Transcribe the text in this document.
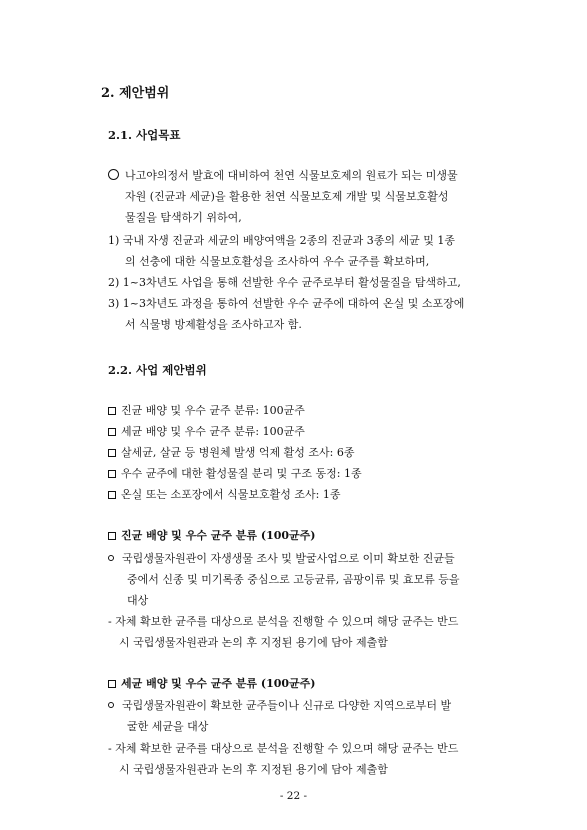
2. 제안범위
2.1. 사업목표
나고야의정서 발효에 대비하여 천연 식물보호제의 원료가 되는 미생물
자원 (진균과 세균)을 활용한 천연 식물보호제 개발 및 식물보호활성
물질을 탐색하기 위하여,
1) 국내 자생 진균과 세균의 배양여액을 2종의 진균과 3종의 세균 및 1종
의 선충에 대한 식물보호활성을 조사하여 우수 균주를 확보하며,
2) 1~3차년도 사업을 통해 선발한 우수 균주로부터 활성물질을 탐색하고,
3) 1~3차년도 과정을 통하여 선발한 우수 균주에 대하여 온실 및 소포장에
서 식물병 방제활성을 조사하고자 함.
2.2. 사업 제안범위
진균 배양 및 우수 균주 분류: 100균주
세균 배양 및 우수 균주 분류: 100균주
살세균, 살균 등 병원체 발생 억제 활성 조사: 6종
우수 균주에 대한 활성물질 분리 및 구조 동정: 1종
온실 또는 소포장에서 식물보호활성 조사: 1종
진균 배양 및 우수 균주 분류 (100균주)
국립생물자원관이 자생생물 조사 및 발굴사업으로 이미 확보한 진균들
중에서 신종 및 미기록종 중심으로 고등균류, 곰팡이류 및 효모류 등을
대상
- 자체 확보한 균주를 대상으로 분석을 진행할 수 있으며 해당 균주는 반드
시 국립생물자원관과 논의 후 지정된 용기에 담아 제출함
세균 배양 및 우수 균주 분류 (100균주)
국립생물자원관이 확보한 균주들이나 신규로 다양한 지역으로부터 발
굴한 세균을 대상
- 자체 확보한 균주를 대상으로 분석을 진행할 수 있으며 해당 균주는 반드
시 국립생물자원관과 논의 후 지정된 용기에 담아 제출함
- 22 -
